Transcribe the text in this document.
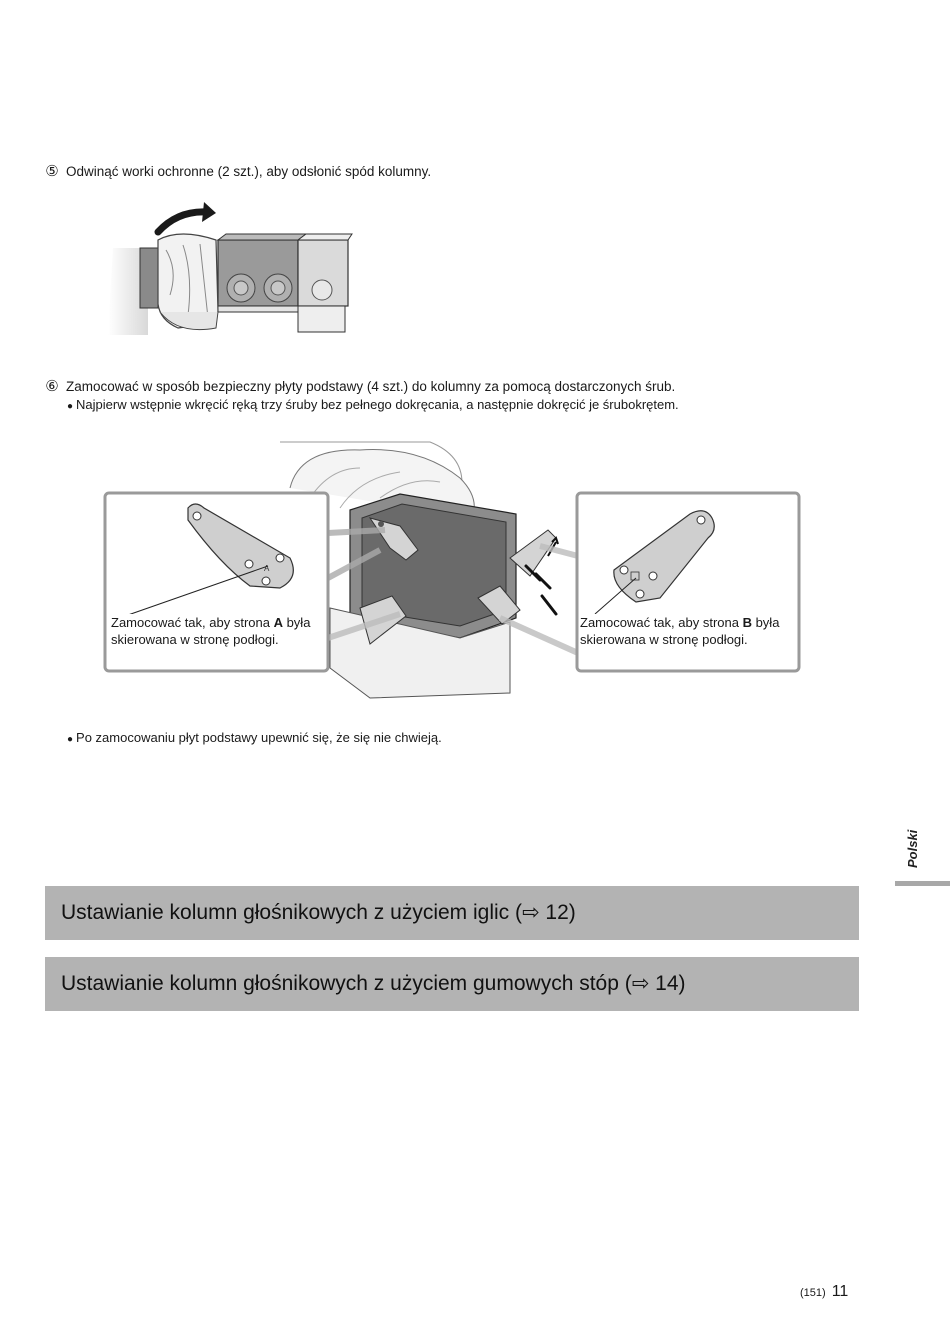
⑤ Odwinąć worki ochronne (2 szt.), aby odsłonić spód kolumny.
⑥ Zamocować w sposób bezpieczny płyty podstawy (4 szt.) do kolumny za pomocą dostarczonych śrub.
● Najpierw wstępnie wkręcić ręką trzy śruby bez pełnego dokręcania, a następnie dokręcić je śrubokrętem.
A
Zamocować tak, aby strona A była
skierowana w stronę podłogi.
Zamocować tak, aby strona B była
skierowana w stronę podłogi.
● Po zamocowaniu płyt podstawy upewnić się, że się nie chwieją.
Polski
Ustawianie kolumn głośnikowych z użyciem iglic (⇨ 12)
Ustawianie kolumn głośnikowych z użyciem gumowych stóp (⇨ 14)
(151) 11
